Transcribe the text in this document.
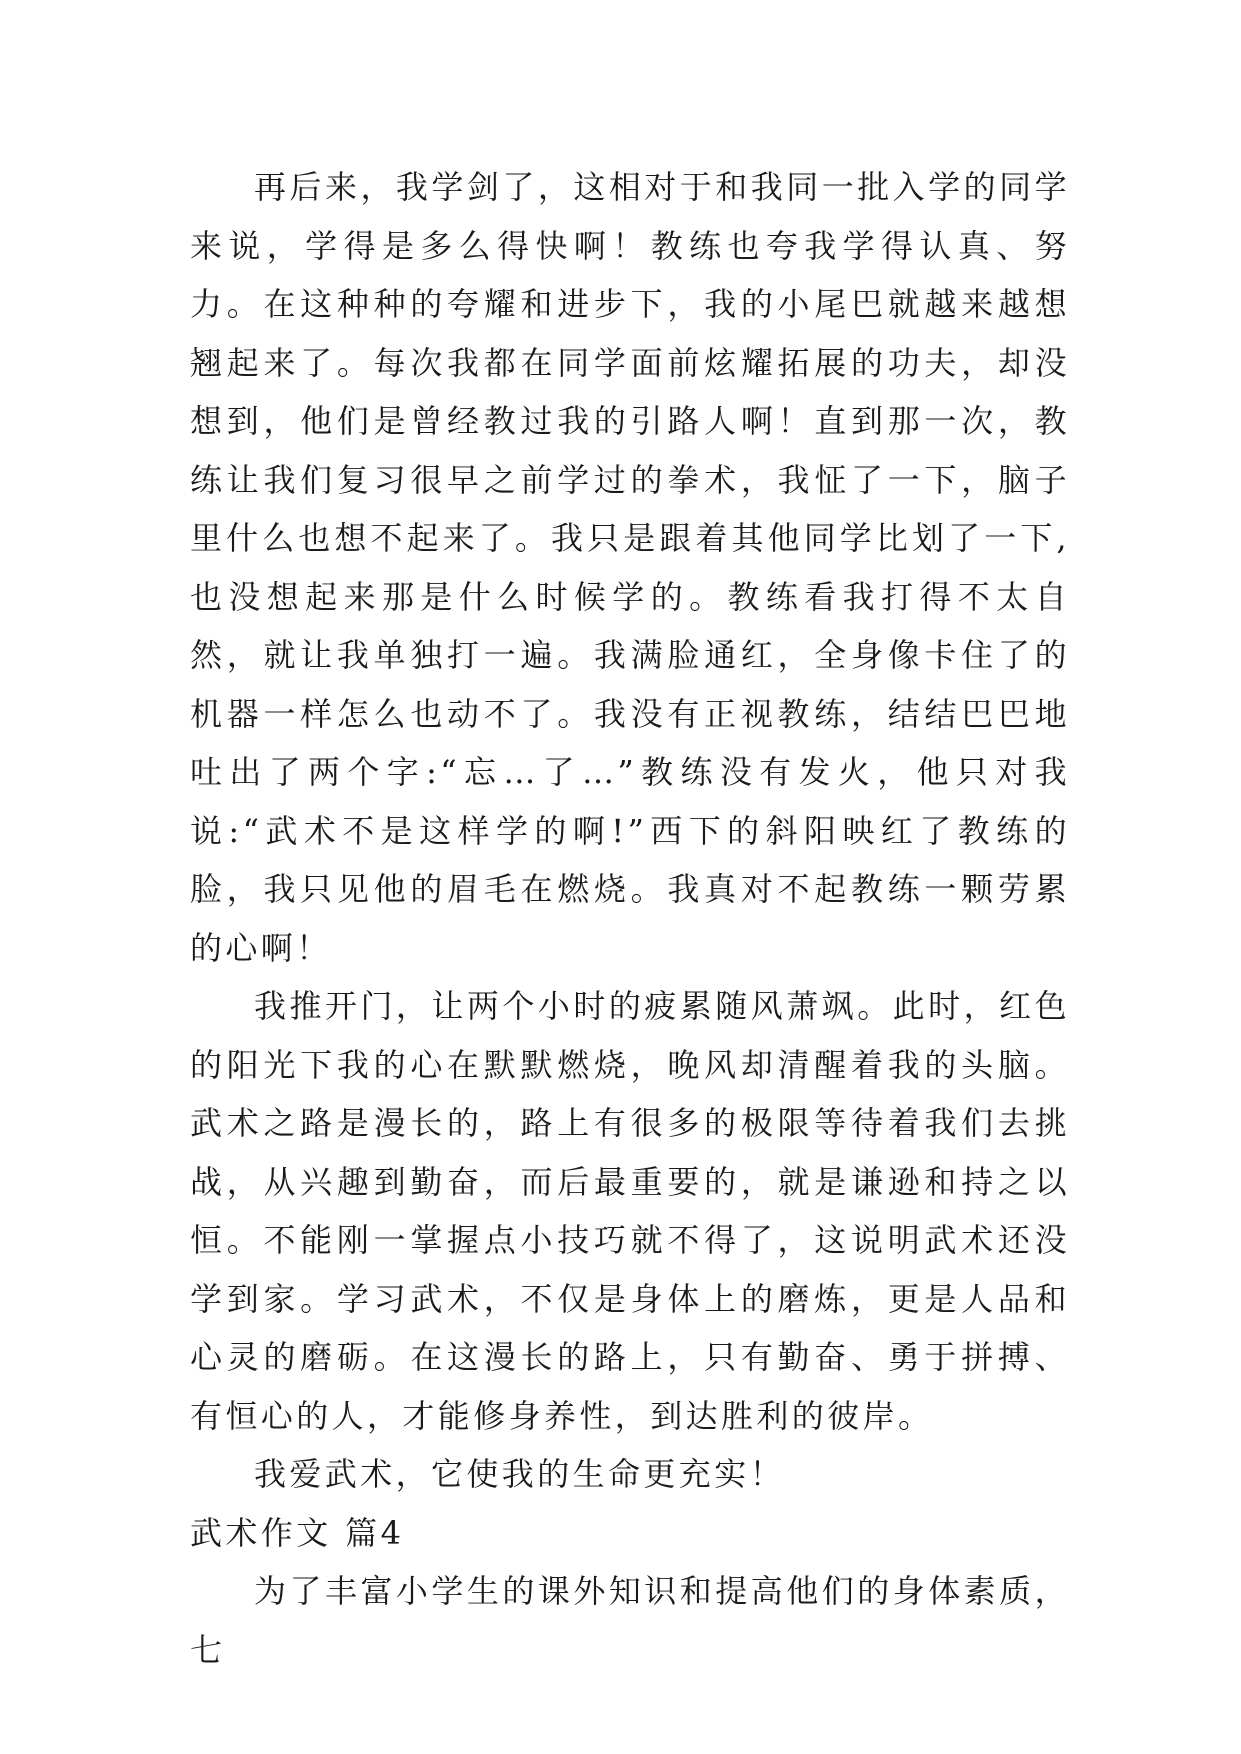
再后来，我学剑了，这相对于和我同一批入学的同学来说，学得是多么得快啊！教练也夸我学得认真、努力。在这种种的夸耀和进步下，我的小尾巴就越来越想翘起来了。每次我都在同学面前炫耀拓展的功夫，却没想到，他们是曾经教过我的引路人啊！直到那一次，教练让我们复习很早之前学过的拳术，我怔了一下，脑子里什么也想不起来了。我只是跟着其他同学比划了一下,也没想起来那是什么时候学的。教练看我打得不太自然，就让我单独打一遍。我满脸通红，全身像卡住了的机器一样怎么也动不了。我没有正视教练，结结巴巴地吐出了两个字:“忘…了…”教练没有发火，他只对我说:“武术不是这样学的啊!”西下的斜阳映红了教练的脸，我只见他的眉毛在燃烧。我真对不起教练一颗劳累的心啊！

我推开门，让两个小时的疲累随风萧飒。此时，红色的阳光下我的心在默默燃烧，晚风却清醒着我的头脑。武术之路是漫长的，路上有很多的极限等待着我们去挑战，从兴趣到勤奋，而后最重要的，就是谦逊和持之以恒。不能刚一掌握点小技巧就不得了，这说明武术还没学到家。学习武术，不仅是身体上的磨炼，更是人品和心灵的磨砺。在这漫长的路上，只有勤奋、勇于拼搏、有恒心的人，才能修身养性，到达胜利的彼岸。

我爱武术，它使我的生命更充实！

武术作文 篇4

为了丰富小学生的课外知识和提高他们的身体素质，七
